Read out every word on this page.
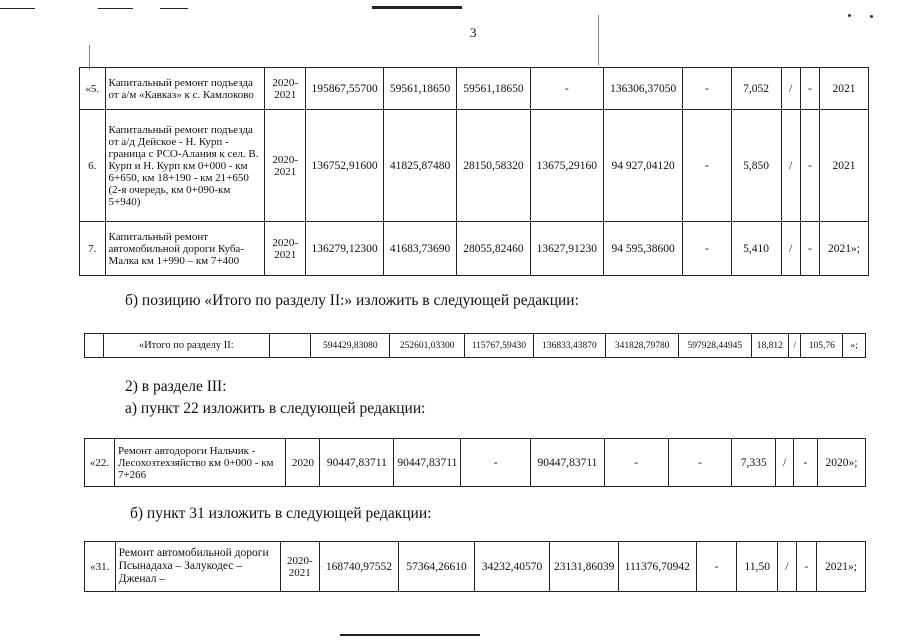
3
«5.	Капитальный ремонт подъезда от а/м «Кавказ» к с. Камлоково	2020-2021	195867,55700	59561,18650	59561,18650	-	136306,37050	-	7,052	/	-	2021
6.	Капитальный ремонт подъезда от а/д Дейское - Н. Курп - граница с РСО-Алания к сел. В. Курп и Н. Курп км 0+000 - км 6+650, км 18+190 - км 21+650 (2-я очередь, км 0+090-км 5+940)	2020-2021	136752,91600	41825,87480	28150,58320	13675,29160	94 927,04120	-	5,850	/	-	2021
7.	Капитальный ремонт автомобильной дороги Куба-Малка км 1+990 – км 7+400	2020-2021	136279,12300	41683,73690	28055,82460	13627,91230	94 595,38600	-	5,410	/	-	2021»;
б) позицию «Итого по разделу II:» изложить в следующей редакции:
	«Итого по разделу II:		594429,83080	252601,03300	115767,59430	136833,43870	341828,79780	597928,44945	18,812	/	105,76	»;
2) в разделе III:
а) пункт 22 изложить в следующей редакции:
«22.	Ремонт автодороги Нальчик - Лесохозтехзяйство км 0+000 - км 7+266	2020	90447,83711	90447,83711	-	90447,83711	-	-	7,335	/	-	2020»;
б) пункт 31 изложить в следующей редакции:
«31.	Ремонт автомобильной дороги Псынадаха – Залукодес – Дженал –	2020-2021	168740,97552	57364,26610	34232,40570	23131,86039	111376,70942	-	11,50	/	-	2021»;
